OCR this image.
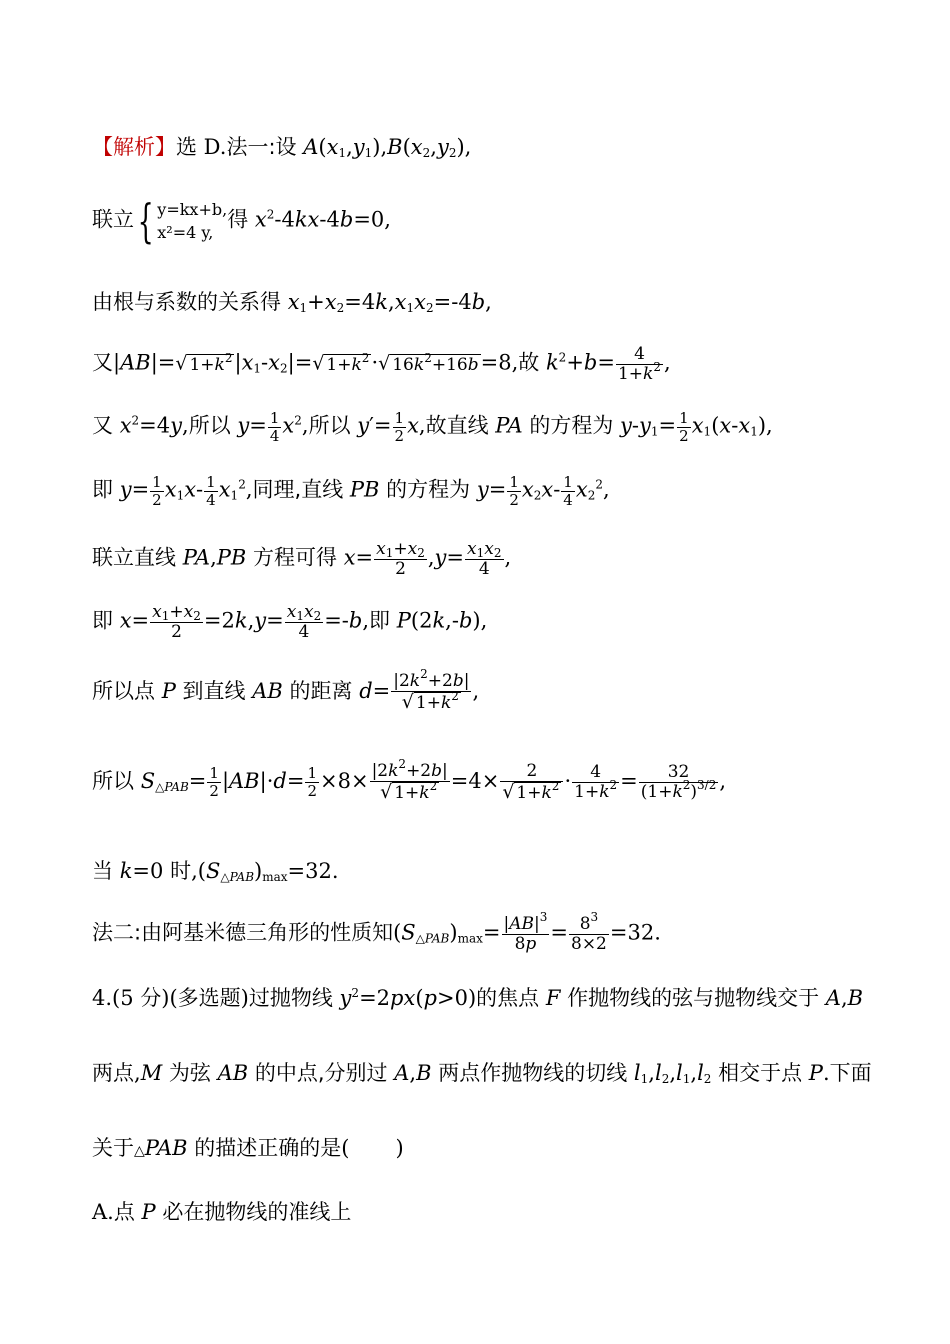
【解析】选 D.法一:设 $A(x_1,y_1),B(x_2,y_2)$,
联立{ y=kx+b,
x²=4 y,
得 $x^2-4kx-4b=0$,
由根与系数的关系得 $x_1+x_2=4k,x_1x_2=-4b$,
又|AB|=√ $1+k^2|x_1-x_2|=√$ $1+k^2\cdot√$ $16k^2+16b=8$,故 $k^2+b= \frac{4}{1+k^2}$ ,
又 $x^2=4y$,所以 $y= \frac{1}{4} x^2$,所以 $y'= \frac{1}{2} x$,故直线 PA 的方程为 $y-y_1= \frac{1}{2} x_1(x-x_1)$,
即 $y= \frac{1}{2} x_1x- \frac{1}{4} x_1^2$,同理,直线 PB 的方程为 $y= \frac{1}{2} x_2x- \frac{1}{4} x_2^2$,
联立直线 PA,PB 方程可得 $x= \frac{x_1+x_2}{2} ,y= \frac{x_1x_2}{4}$ ,
即 $x= \frac{x_1+x_2}{2} =2k,y= \frac{x_1x_2}{4} =-b$,即 P(2k,-b),
所以点 P 到直线 AB 的距离 $d= \frac{|2k^2+2b|}{√ 1+k^2}$ ,
所以 $S_{\triangle PAB}= \frac{1}{2} |AB|\cdot d= \frac{1}{2} \times 8\times \frac{|2k^2+2b|}{√ 1+k^2} =4\times \frac{2}{√ 1+k^2} \cdot \frac{4}{1+k^2} = \frac{32}{(1+k^2)^{3/2}}$ ,
当 k=0 时$,(S_{\triangle PAB})_{max}=32$.
法二:由阿基米德三角形的性质知$(S_{\triangle PAB})_{max}= \frac{|AB|^3}{8p} = \frac{8^3}{8\times 2} =32$.
4.(5 分)(多选题)过抛物线 $y^2=2px(p>0)$的焦点 F 作抛物线的弦与抛物线交于 A,B
两点,M 为弦 AB 的中点,分别过 A,B 两点作抛物线的切线 $l_1,l_2,l_1,l_2$ 相交于点 P.下面
关于△PAB 的描述正确的是( )
A.点 P 必在抛物线的准线上
